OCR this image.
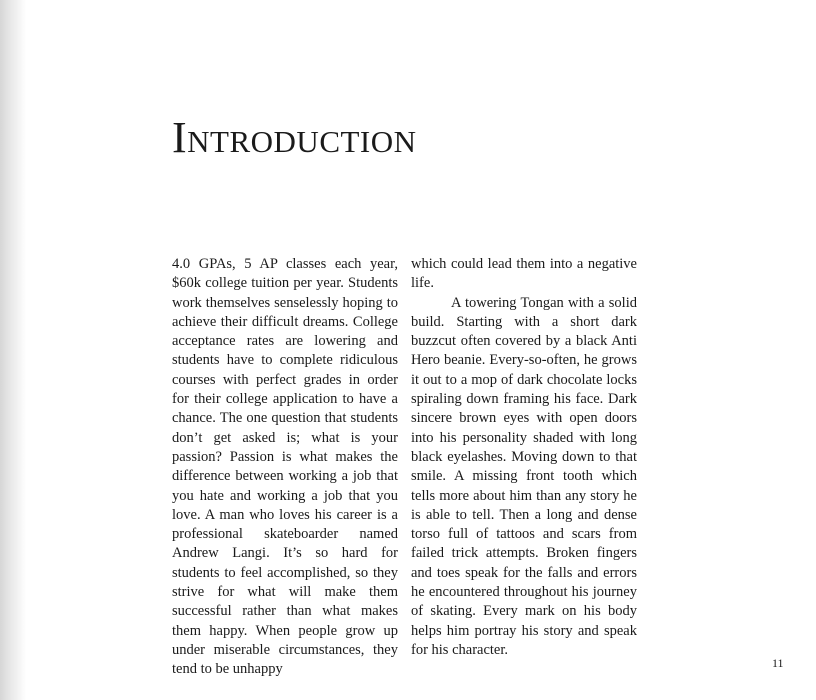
Introduction

4.0 GPAs, 5 AP classes each year, $60k college tuition per year. Students work themselves senselessly hoping to achieve their difficult dreams. College acceptance rates are lowering and students have to complete ridiculous courses with perfect grades in order for their college application to have a chance. The one question that students don’t get asked is; what is your passion? Passion is what makes the difference between working a job that you hate and working a job that you love. A man who loves his career is a professional skateboarder named Andrew Langi. It’s so hard for students to feel accomplished, so they strive for what will make them successful rather than what makes them happy. When people grow up under miserable circumstances, they tend to be unhappy

which could lead them into a negative life.

A towering Tongan with a solid build. Starting with a short dark buzzcut often covered by a black Anti Hero beanie. Every-so-often, he grows it out to a mop of dark chocolate locks spiraling down framing his face. Dark sincere brown eyes with open doors into his personality shaded with long black eyelashes. Moving down to that smile. A missing front tooth which tells more about him than any story he is able to tell. Then a long and dense torso full of tattoos and scars from failed trick attempts. Broken fingers and toes speak for the falls and errors he encountered throughout his journey of skating. Every mark on his body helps him portray his story and speak for his character.

11
